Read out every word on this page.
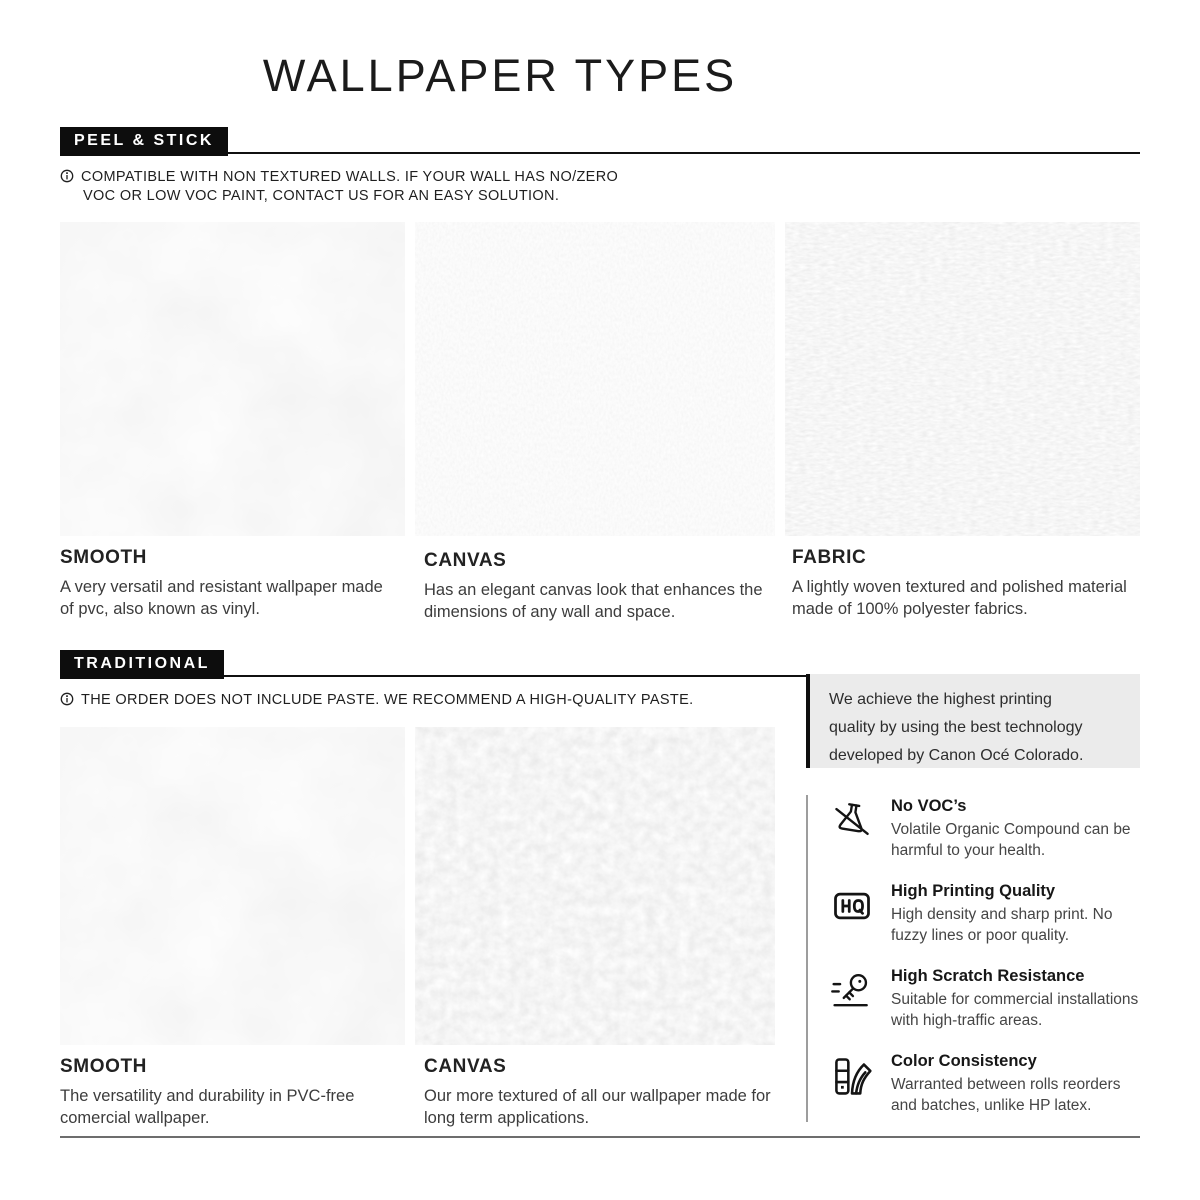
WALLPAPER TYPES
PEEL & STICK
COMPATIBLE WITH NON TEXTURED WALLS. IF YOUR WALL HAS NO/ZERO
VOC OR LOW VOC PAINT, CONTACT US FOR AN EASY SOLUTION.
SMOOTH
A very versatil and resistant wallpaper made of pvc, also known as vinyl.
CANVAS
Has an elegant canvas look that enhances the dimensions of any wall and space.
FABRIC
A lightly woven textured and polished material made of 100% polyester fabrics.
TRADITIONAL
THE ORDER DOES NOT INCLUDE PASTE. WE RECOMMEND A HIGH-QUALITY PASTE.
SMOOTH
The versatility and durability in PVC-free comercial wallpaper.
CANVAS
Our more textured of all our wallpaper made for long term applications.
We achieve the highest printing
quality by using the best technology
developed by Canon Océ Colorado.
No VOC’s
Volatile Organic Compound can be harmful to your health.
High Printing Quality
High density and sharp print. No fuzzy lines or poor quality.
High Scratch Resistance
Suitable for commercial installations with high-traffic areas.
Color Consistency
Warranted between rolls reorders and batches, unlike HP latex.
